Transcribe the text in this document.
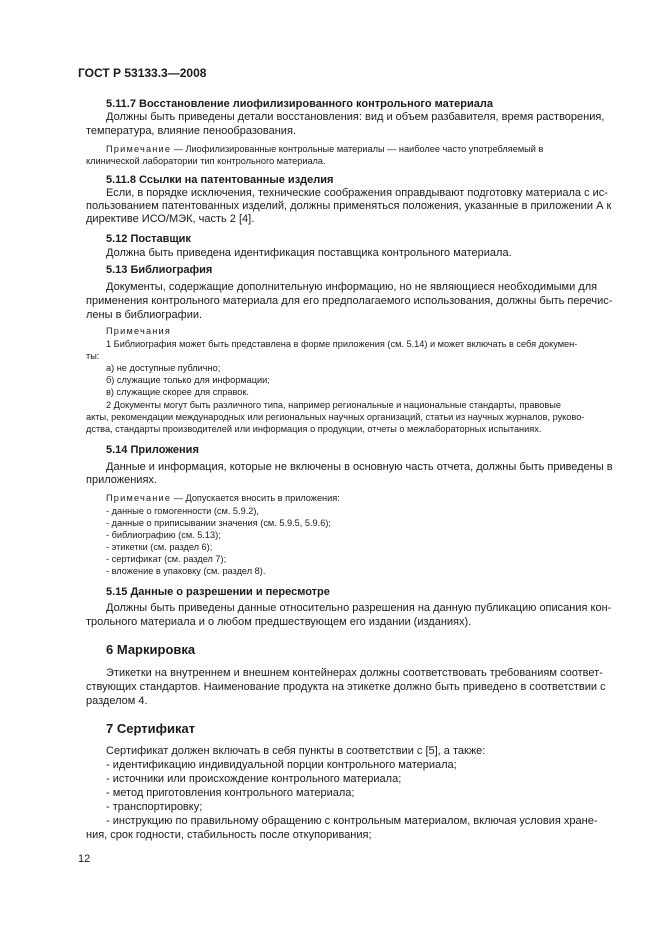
ГОСТ Р 53133.3—2008
5.11.7 Восстановление лиофилизированного контрольного материала
Должны быть приведены детали восстановления: вид и объем разбавителя, время растворения,
температура, влияние пенообразования.
Примечание — Лиофилизированные контрольные материалы — наиболее часто употребляемый в
клинической лаборатории тип контрольного материала.
5.11.8 Ссылки на патентованные изделия
Если, в порядке исключения, технические соображения оправдывают подготовку материала с ис-
пользованием патентованных изделий, должны применяться положения, указанные в приложении А к
директиве ИСО/МЭК, часть 2 [4].
5.12 Поставщик
Должна быть приведена идентификация поставщика контрольного материала.
5.13 Библиография
Документы, содержащие дополнительную информацию, но не являющиеся необходимыми для
применения контрольного материала для его предполагаемого использования, должны быть перечис-
лены в библиографии.
Примечания
1 Библиография может быть представлена в форме приложения (см. 5.14) и может включать в себя докумен-
ты:
а) не доступные публично;
б) служащие только для информации;
в) служащие скорее для справок.
2 Документы могут быть различного типа, например региональные и национальные стандарты, правовые
акты, рекомендации международных или региональных научных организаций, статьи из научных журналов, руково-
дства, стандарты производителей или информация о продукции, отчеты о межлабораторных испытаниях.
5.14 Приложения
Данные и информация, которые не включены в основную часть отчета, должны быть приведены в
приложениях.
Примечание — Допускается вносить в приложения:
- данные о гомогенности (см. 5.9.2),
- данные о приписывании значения (см. 5.9.5, 5.9.6);
- библиографию (см. 5.13);
- этикетки (см. раздел 6);
- сертификат (см. раздел 7);
- вложение в упаковку (см. раздел 8).
5.15 Данные о разрешении и пересмотре
Должны быть приведены данные относительно разрешения на данную публикацию описания кон-
трольного материала и о любом предшествующем его издании (изданиях).
6 Маркировка
Этикетки на внутреннем и внешнем контейнерах должны соответствовать требованиям соответ-
ствующих стандартов. Наименование продукта на этикетке должно быть приведено в соответствии с
разделом 4.
7 Сертификат
Сертификат должен включать в себя пункты в соответствии с [5], а также:
- идентификацию индивидуальной порции контрольного материала;
- источники или происхождение контрольного материала;
- метод приготовления контрольного материала;
- транспортировку;
- инструкцию по правильному обращению с контрольным материалом, включая условия хране-
ния, срок годности, стабильность после откупоривания;
12
